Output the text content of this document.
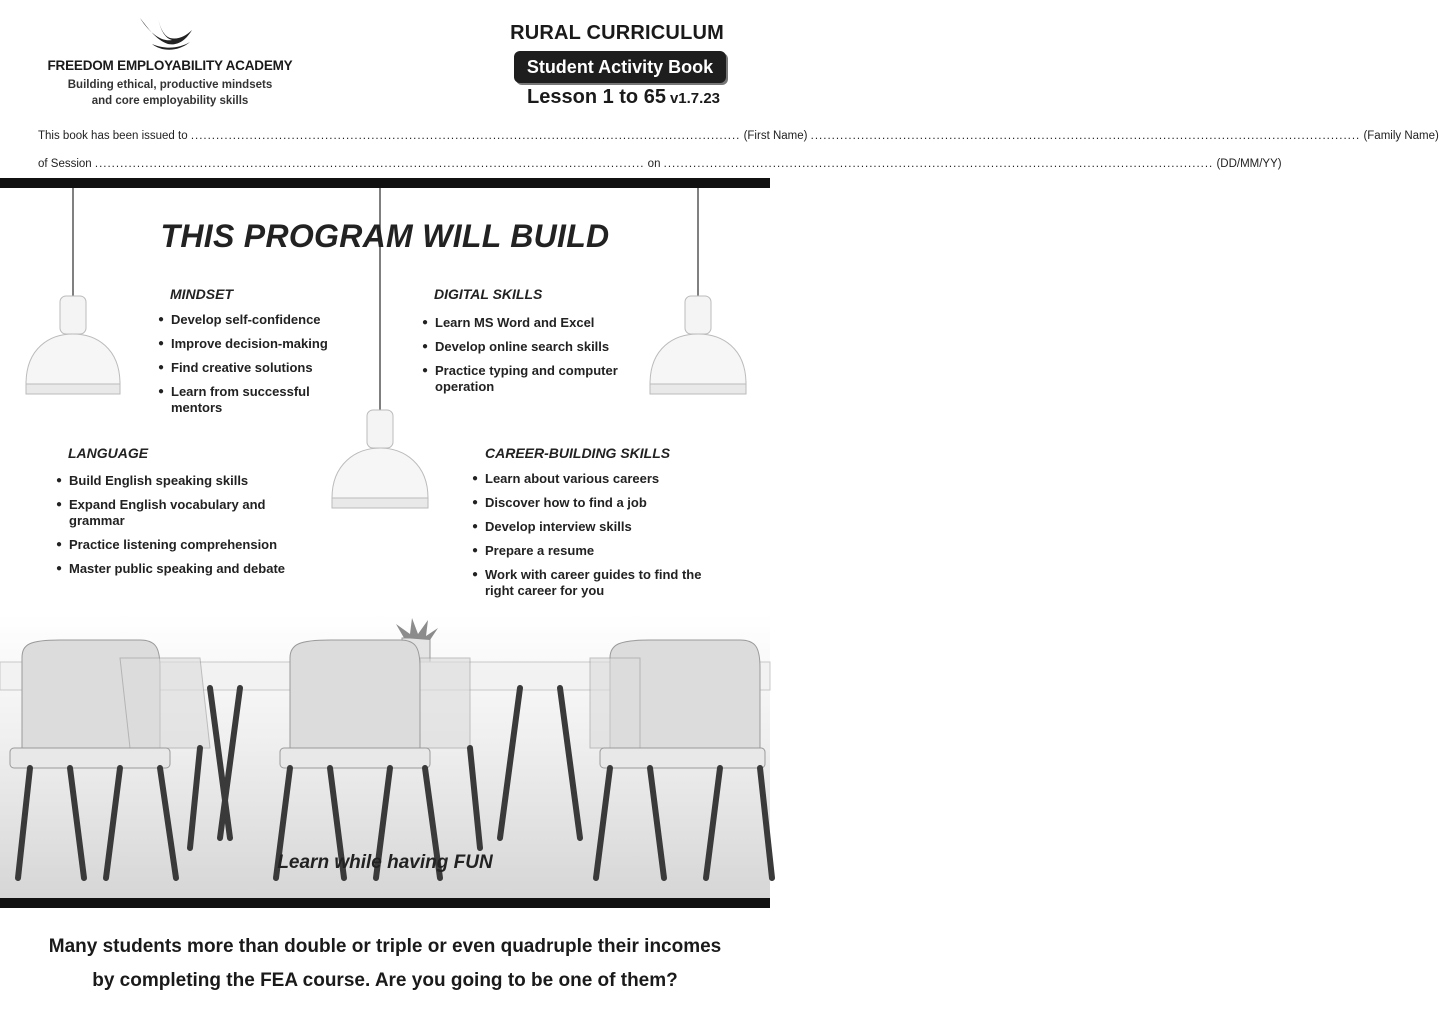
FREEDOM EMPLOYABILITY ACADEMY
Building ethical, productive mindsets
and core employability skills
RURAL CURRICULUM
Student Activity Book
Lesson 1 to 65 v1.7.23
This book has been issued to
...................................................................................................................................
(First Name)
...................................................................................................................................
(Family Name)
of Session
...................................................................................................................................
on
...................................................................................................................................
(DD/MM/YY)
THIS PROGRAM WILL BUILD
MINDSET
● Develop self-confidence
● Improve decision-making
● Find creative solutions
● Learn from successful mentors
DIGITAL SKILLS
● Learn MS Word and Excel
● Develop online search skills
● Practice typing and computer operation
LANGUAGE
● Build English speaking skills
● Expand English vocabulary and grammar
● Practice listening comprehension
● Master public speaking and debate
CAREER-BUILDING SKILLS
● Learn about various careers
● Discover how to find a job
● Develop interview skills
● Prepare a resume
● Work with career guides to find the right career for you
Learn while having FUN
Many students more than double or triple or even quadruple their incomes
by completing the FEA course. Are you going to be one of them?
